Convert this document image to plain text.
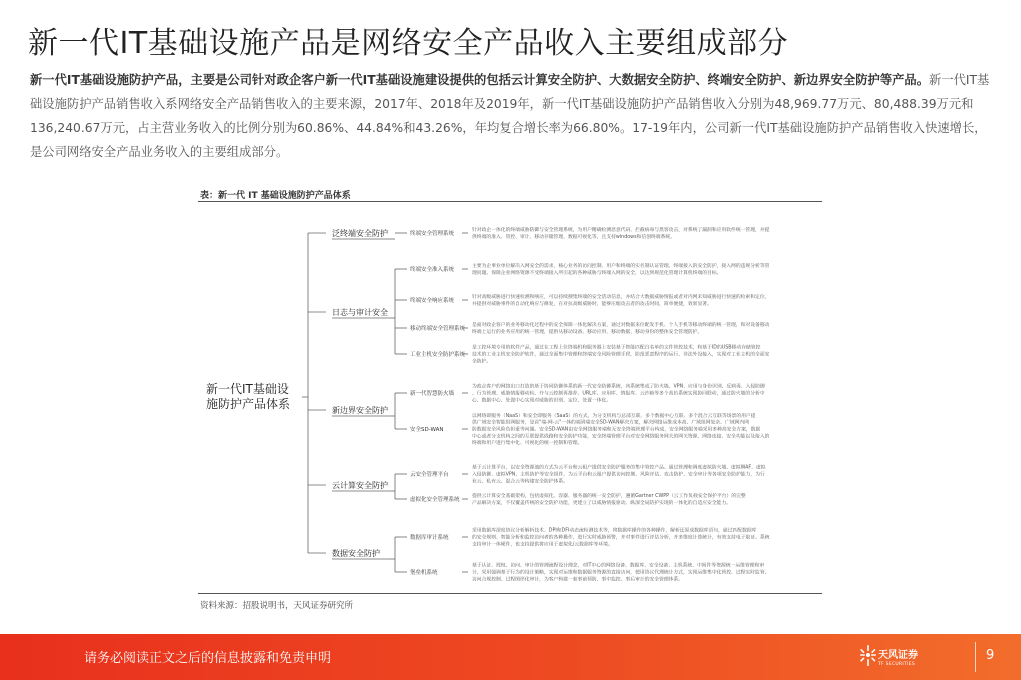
新一代IT基础设施产品是网络安全产品收入主要组成部分
新一代IT基础设施防护产品，主要是公司针对政企客户新一代IT基础设施建设提供的包括云计算安全防护、大数据安全防护、终端安全防护、新边界安全防护等产品。新一代IT基础设施防护产品销售收入系网络安全产品销售收入的主要来源，2017年、2018年及2019年，新一代IT基础设施防护产品销售收入分别为48,969.77万元、80,488.39万元和136,240.67万元，占主营业务收入的比例分别为60.86%、44.84%和43.26%，年均复合增长率为66.80%。17-19年内，公司新一代IT基础设施防护产品销售收入快速增长，是公司网络安全产品业务收入的主要组成部分。
表：新一代 IT 基础设施防护产品体系
新一代IT基础设
施防护产品体系
泛终端安全防护	终端安全管理系统
针对政企一体化的终端威胁防御与安全管理系统，为用户精确检测恶意代码、拦截病毒与黑客攻击，对系统了漏洞和应用软件统一管理，并提
供终端的准入、管控、审计、移动存储管理、数据可视化等，且支持windows和信创终端系统。
日志与审计安全
终端安全准入系统
主要为企事业单位解决入网安全的需求，核心业务的访问控制、用户和终端的实名制认证管理、终端接入的安全防护，接入网的违规分析等管
理问题。保障企业网络资源不受终端接入所引起的各种威胁与终端入网的安全，以达到规范化管理计算机终端的目标。
终端安全响应系统
针对高级威胁进行快速检测和响应，可以持续搜集终端的安全活动信息，并结合大数据威胁情报或者对内网未知威胁进行快速的检索和定位，
并提供对威胁事件的自动化响应与修复，在对抗高级威胁时，能够压缩攻击者的攻击时间，简单便捷，效果显著。
移动终端安全管理系统
是面对政企客户的业务移动化过程中的安全保障一体化解决方案，通过对数据来位配发手机、个人手机等移动终端的统一管理，和对设备移动
终端上运行的业务应用的统一管理，提供从移动设备、移动应用、移动数据、移动身份的整体安全管理防护。
工业主机安全防护系统
是工控环境专用的软件产品，通过在工程上位终端机和服务器上安装基于智能匹配白名单的文件管控技术，和基于ID的USB移动存储管控
技术的工业主机安全防护软件，通过全面集中管理和终端安全风险管理手段，防范恶意程序的运行、非法外设接入，实现对工业主机的全面安
全防护。
新边界安全防护
新一代智慧防火墙
为政企客户的网络出口打造的基于协同防御体系的新一代安全防御系统，该系统集成了防火墙、VPN、应用与身份识别、反病毒、入侵防御
、行为管理、威胁情报移动检、并与云控制再推荐、URL库、应用库、情报库、云沙箱等多个高仿系统实现协同联动，通过防火墙的分析中
心、数据中心、处置中心实现对威胁的识别、定位、处置一体化。
安全SD-WAN
以网络即服务（NaaS）和安全即服务（SaaS）的方式，为分支机构与总部互联、多个数据中心互联、多个混合云互联等场景的用户提
供广域安全智能组网服务，是首"端-网-云"一体的端到端安全SD-WAN解决方案，解决网络运维成本高、广域组网复杂、广域网内网
防数据安全风险负担重等问题。安全SD-WAN由安全网络服务端和无安全终端管理平台构成，安全网络服务端采用多种高安全方案，数据
中心或者分支机构之间的互联提供线路和安全防护功能，安全终端管理平台对安全网络服务网关的网关资源、网络连接、安全功能以及接入的
终端和用户进行集中化、可视化的统一控制和管理。
云计算安全防护
云安全管理平台
基于云计算平台，以安全资源池的方式为云平台和云租户提供安全防护服务的集中管控产品。通过管理和调度虚拟防火墙、虚拟WAF、虚拟
入侵防御、虚拟VPN、主机防护等安全组件，为云平台和云租户提供访问控制、风险评估、攻击防护、安全审计等各项安全防护能力，为行
业云、私有云、混合云等构建安全防护体系。
虚拟化安全管理系统
提供云计算安全基础架构，包括虚拟化、容器、服务器的统一安全防护，遵循Gartner CWPP（云工作负载安全保护平台）的完整
产品解决方案，不仅覆盖传统的安全防护功能，更建立了以威胁情报驱动、纵深全局防护实现的一体化的自适应安全能力。
数据安全防护
数据库审计系统
采用数据库深度协议分析解析技术、DPI和DFI动态流检测技术等，将数据库操作的各种操作，解析还原成数据库语句，通过匹配数据库
的安全规则、智能分析和监控访问者的各种操作，进行实时威胁预警，并对事件进行评估分析，并多维度计算统计，有效支持电子取证。系统
支持审计一体硬件，也支持提供将应用于虚拟化/云数据库等环境。
堡垒机系统
基于认证、授权、访问、审计的管理流程设计理念，对IT中心的网络设备、数据库、安全设备、主机系统、中间件等资源统一运维管理和审
计，采用强调基于行为的设计策略，实现对运维和数据服务资源的直接访问，使用协议代理统计方式，实现运维集中化管控、过程实时监管、
访问合规控制、过程图形化审计，为客户构建一套事前预防、事中监控、事后审计的安全管理体系。
资料来源：招股说明书，天风证券研究所
请务必阅读正文之后的信息披露和免责申明	天风证券
TF SECURITIES
9
